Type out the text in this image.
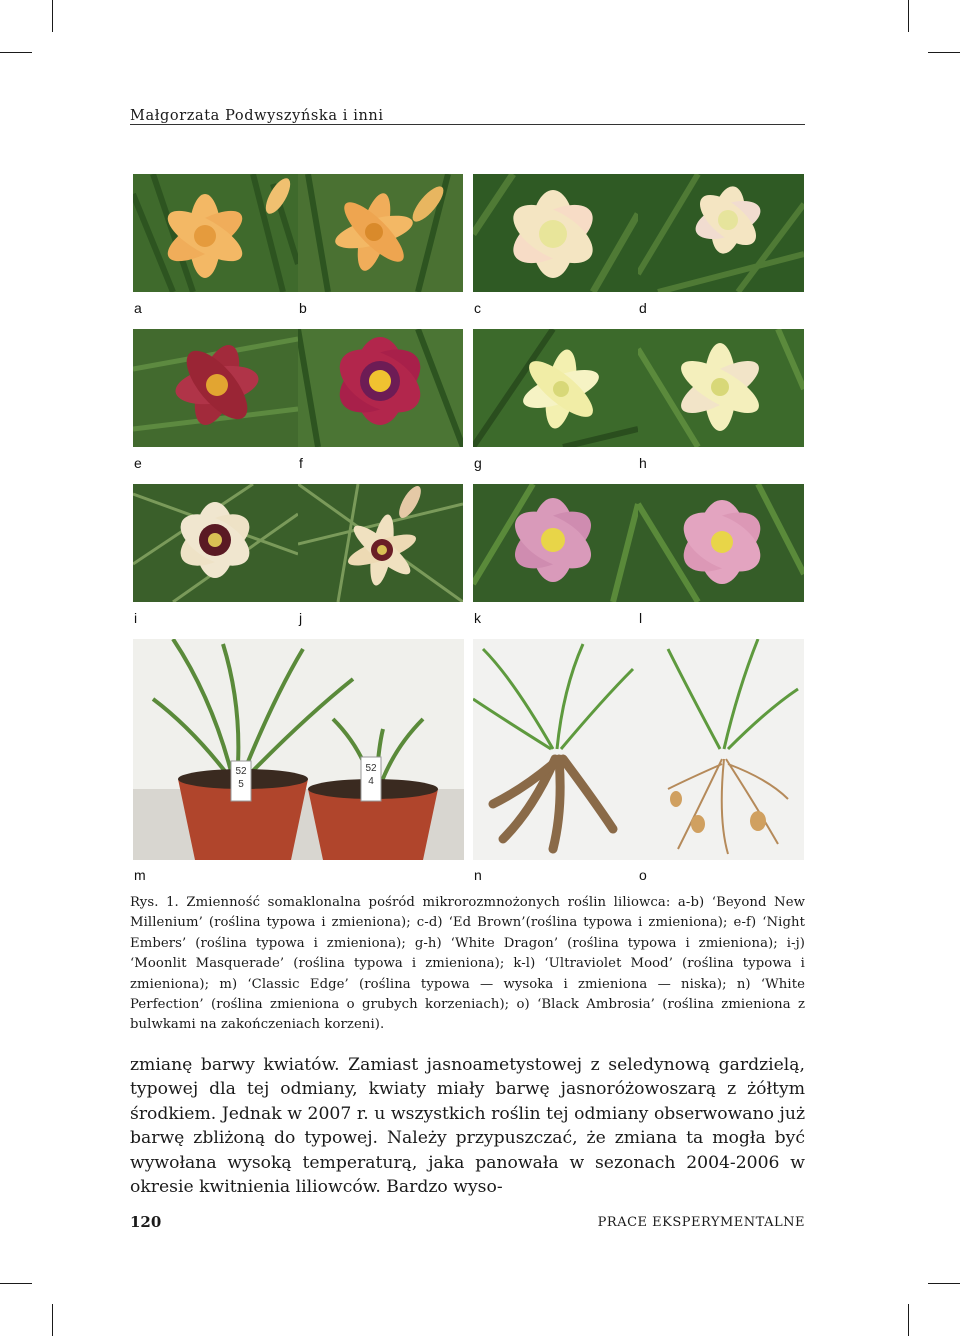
Małgorzata Podwyszyńska i inni
a	b	c	d
e	f	g	h
i	j	k	l
52
5
52
4
m	n	o
Rys. 1. Zmienność somaklonalna pośród mikrorozmnożonych roślin liliowca: a-b) ‘Beyond New Millenium’ (roślina typowa i zmieniona); c-d) ‘Ed Brown’(roślina typowa i zmieniona); e-f) ‘Night Embers’ (roślina typowa i zmieniona); g-h) ‘White Dragon’ (roślina typowa i zmieniona); i-j) ‘Moonlit Masquerade’ (roślina typowa i zmieniona); k-l) ‘Ultraviolet Mood’ (roślina typowa i zmieniona); m) ‘Classic Edge’ (roślina typowa — wysoka i zmieniona — niska); n) ‘White Perfection’ (roślina zmieniona o grubych korzeniach); o) ‘Black Ambrosia’ (roślina zmieniona z bulwkami na zakończeniach korzeni).
zmianę barwy kwiatów. Zamiast jasnoametystowej z seledynową gardzielą, typowej dla tej odmiany, kwiaty miały barwę jasnoróżowoszarą z żółtym środkiem. Jednak w 2007 r. u wszystkich roślin tej odmiany obserwowano już barwę zbliżoną do typowej. Należy przypuszczać, że zmiana ta mogła być wywołana wysoką temperaturą, jaka panowała w sezonach 2004-2006 w okresie kwitnienia liliowców. Bardzo wyso-
120	PRACE EKSPERYMENTALNE
